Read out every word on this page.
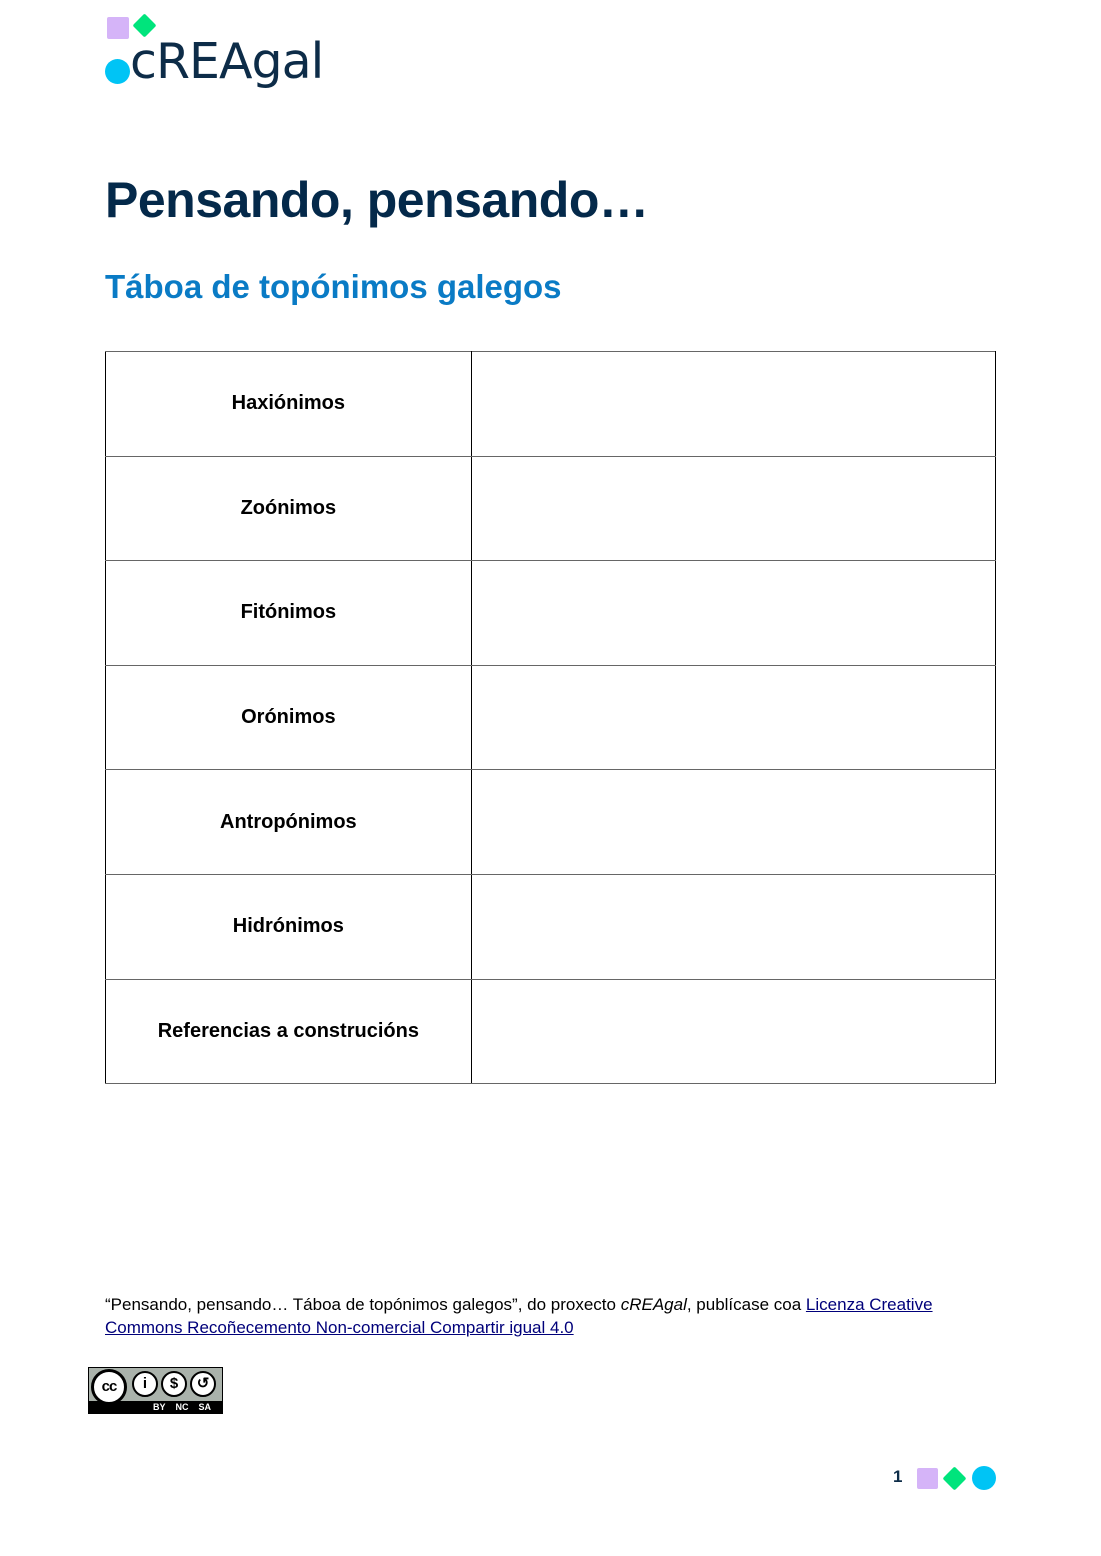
cREAgal
Pensando, pensando…
Táboa de topónimos galegos
Haxiónimos	
Zoónimos	
Fitónimos	
Orónimos	
Antropónimos	
Hidrónimos	
Referencias a construcións	
“Pensando, pensando… Táboa de topónimos galegos”, do proxecto cREAgal, publícase coa Licenza Creative Commons Recoñecemento Non-comercial Compartir igual 4.0
cc	i	$	↺
BY NC SA
1
